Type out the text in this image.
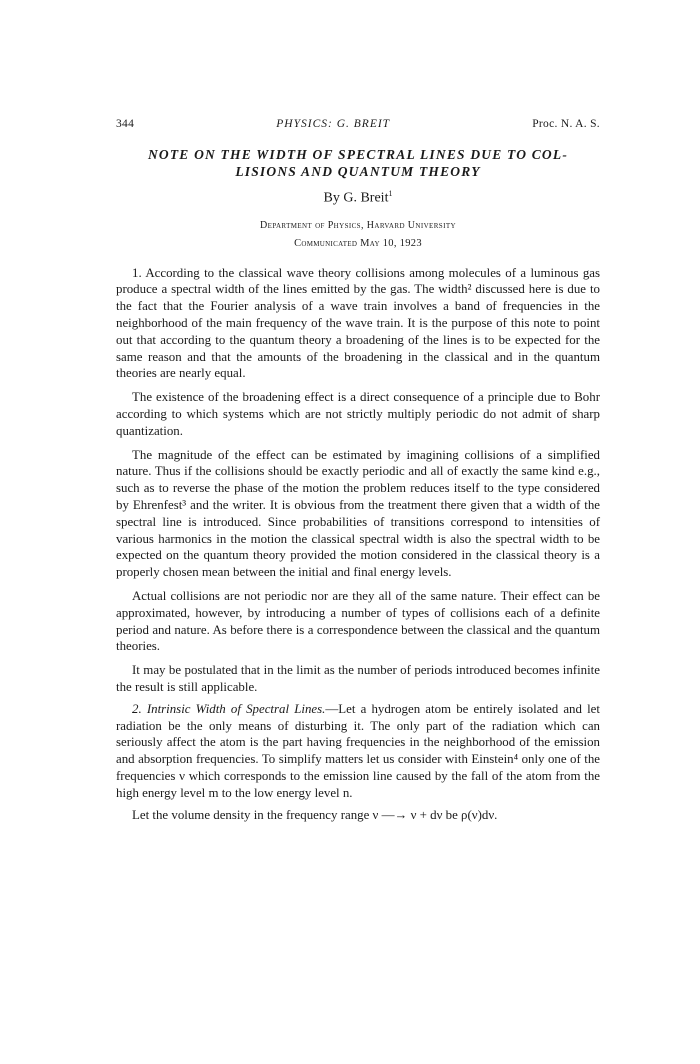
344	PHYSICS: G. BREIT	Proc. N. A. S.
NOTE ON THE WIDTH OF SPECTRAL LINES DUE TO COL-
LISIONS AND QUANTUM THEORY
By G. Breit$^1$
Department of Physics, Harvard University
Communicated May 10, 1923

1. According to the classical wave theory collisions among molecules of a luminous gas produce a spectral width of the lines emitted by the gas. The width² discussed here is due to the fact that the Fourier analysis of a wave train involves a band of frequencies in the neighborhood of the main frequency of the wave train. It is the purpose of this note to point out that according to the quantum theory a broadening of the lines is to be expected for the same reason and that the amounts of the broadening in the classical and in the quantum theories are nearly equal.

The existence of the broadening effect is a direct consequence of a principle due to Bohr according to which systems which are not strictly multiply periodic do not admit of sharp quantization.

The magnitude of the effect can be estimated by imagining collisions of a simplified nature. Thus if the collisions should be exactly periodic and all of exactly the same kind e.g., such as to reverse the phase of the motion the problem reduces itself to the type considered by Ehrenfest³ and the writer. It is obvious from the treatment there given that a width of the spectral line is introduced. Since probabilities of transitions correspond to intensities of various harmonics in the motion the classical spectral width is also the spectral width to be expected on the quantum theory provided the motion considered in the classical theory is a properly chosen mean between the initial and final energy levels.

Actual collisions are not periodic nor are they all of the same nature. Their effect can be approximated, however, by introducing a number of types of collisions each of a definite period and nature. As before there is a correspondence between the classical and the quantum theories.

It may be postulated that in the limit as the number of periods introduced becomes infinite the result is still applicable.

2. Intrinsic Width of Spectral Lines.—Let a hydrogen atom be entirely isolated and let radiation be the only means of disturbing it. The only part of the radiation which can seriously affect the atom is the part having frequencies in the neighborhood of the emission and absorption frequencies. To simplify matters let us consider with Einstein⁴ only one of the frequencies ν which corresponds to the emission line caused by the fall of the atom from the high energy level m to the low energy level n.

Let the volume density in the frequency range ν —→ ν + dν be ρ(ν)dν.
